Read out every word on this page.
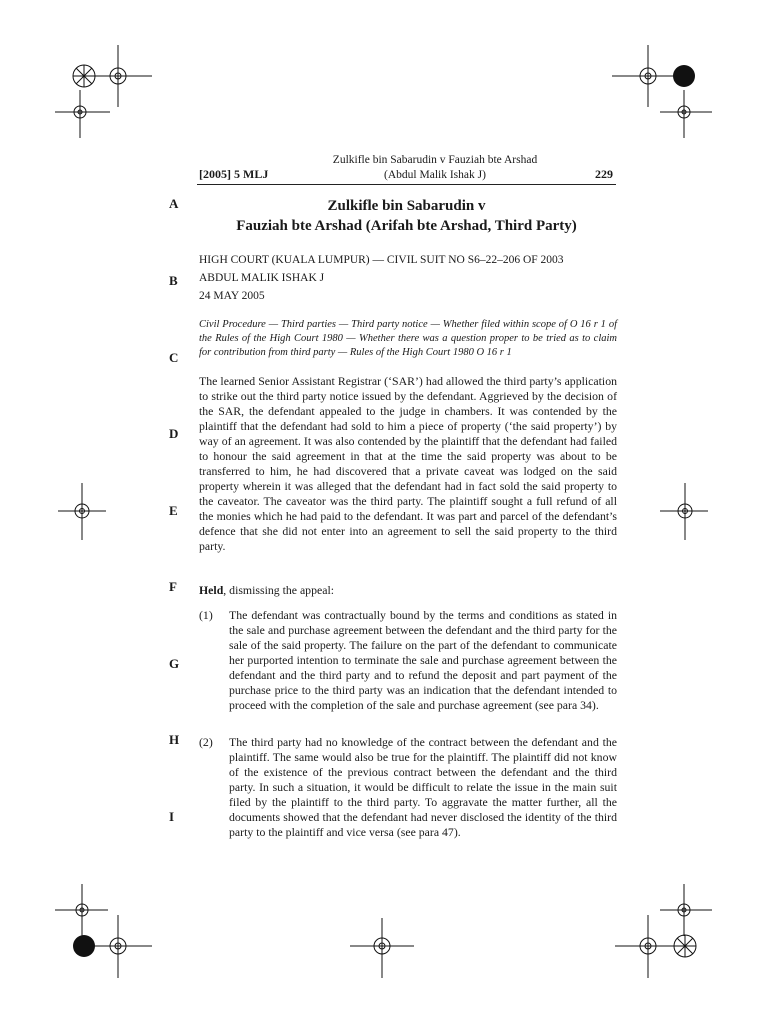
[2005] 5 MLJ
Zulkifle bin Sabarudin v Fauziah bte Arshad
(Abdul Malik Ishak J)	229
Zulkifle bin Sabarudin v
Fauziah bte Arshad (Arifah bte Arshad, Third Party)
HIGH COURT (KUALA LUMPUR) — CIVIL SUIT NO S6–22–206 OF 2003
ABDUL MALIK ISHAK J
24 MAY 2005
Civil Procedure — Third parties — Third party notice — Whether filed within scope of O 16 r 1 of the Rules of the High Court 1980 — Whether there was a question proper to be tried as to claim for contribution from third party — Rules of the High Court 1980 O 16 r 1
The learned Senior Assistant Registrar (‘SAR’) had allowed the third party’s application to strike out the third party notice issued by the defendant. Aggrieved by the decision of the SAR, the defendant appealed to the judge in chambers. It was contended by the plaintiff that the defendant had sold to him a piece of property (‘the said property’) by way of an agreement. It was also contended by the plaintiff that the defendant had failed to honour the said agreement in that at the time the said property was about to be transferred to him, he had discovered that a private caveat was lodged on the said property wherein it was alleged that the defendant had in fact sold the said property to the caveator. The caveator was the third party. The plaintiff sought a full refund of all the monies which he had paid to the defendant. It was part and parcel of the defendant’s defence that she did not enter into an agreement to sell the said property to the third party.
Held, dismissing the appeal:
(1) The defendant was contractually bound by the terms and conditions as stated in the sale and purchase agreement between the defendant and the third party for the sale of the said property. The failure on the part of the defendant to communicate her purported intention to terminate the sale and purchase agreement between the defendant and the third party and to refund the deposit and part payment of the purchase price to the third party was an indication that the defendant intended to proceed with the completion of the sale and purchase agreement (see para 34).
(2) The third party had no knowledge of the contract between the defendant and the plaintiff. The same would also be true for the plaintiff. The plaintiff did not know of the existence of the previous contract between the defendant and the third party. In such a situation, it would be difficult to relate the issue in the main suit filed by the plaintiff to the third party. To aggravate the matter further, all the documents showed that the defendant had never disclosed the identity of the third party to the plaintiff and vice versa (see para 47).
A
B
C
D
E
F
G
H
I
